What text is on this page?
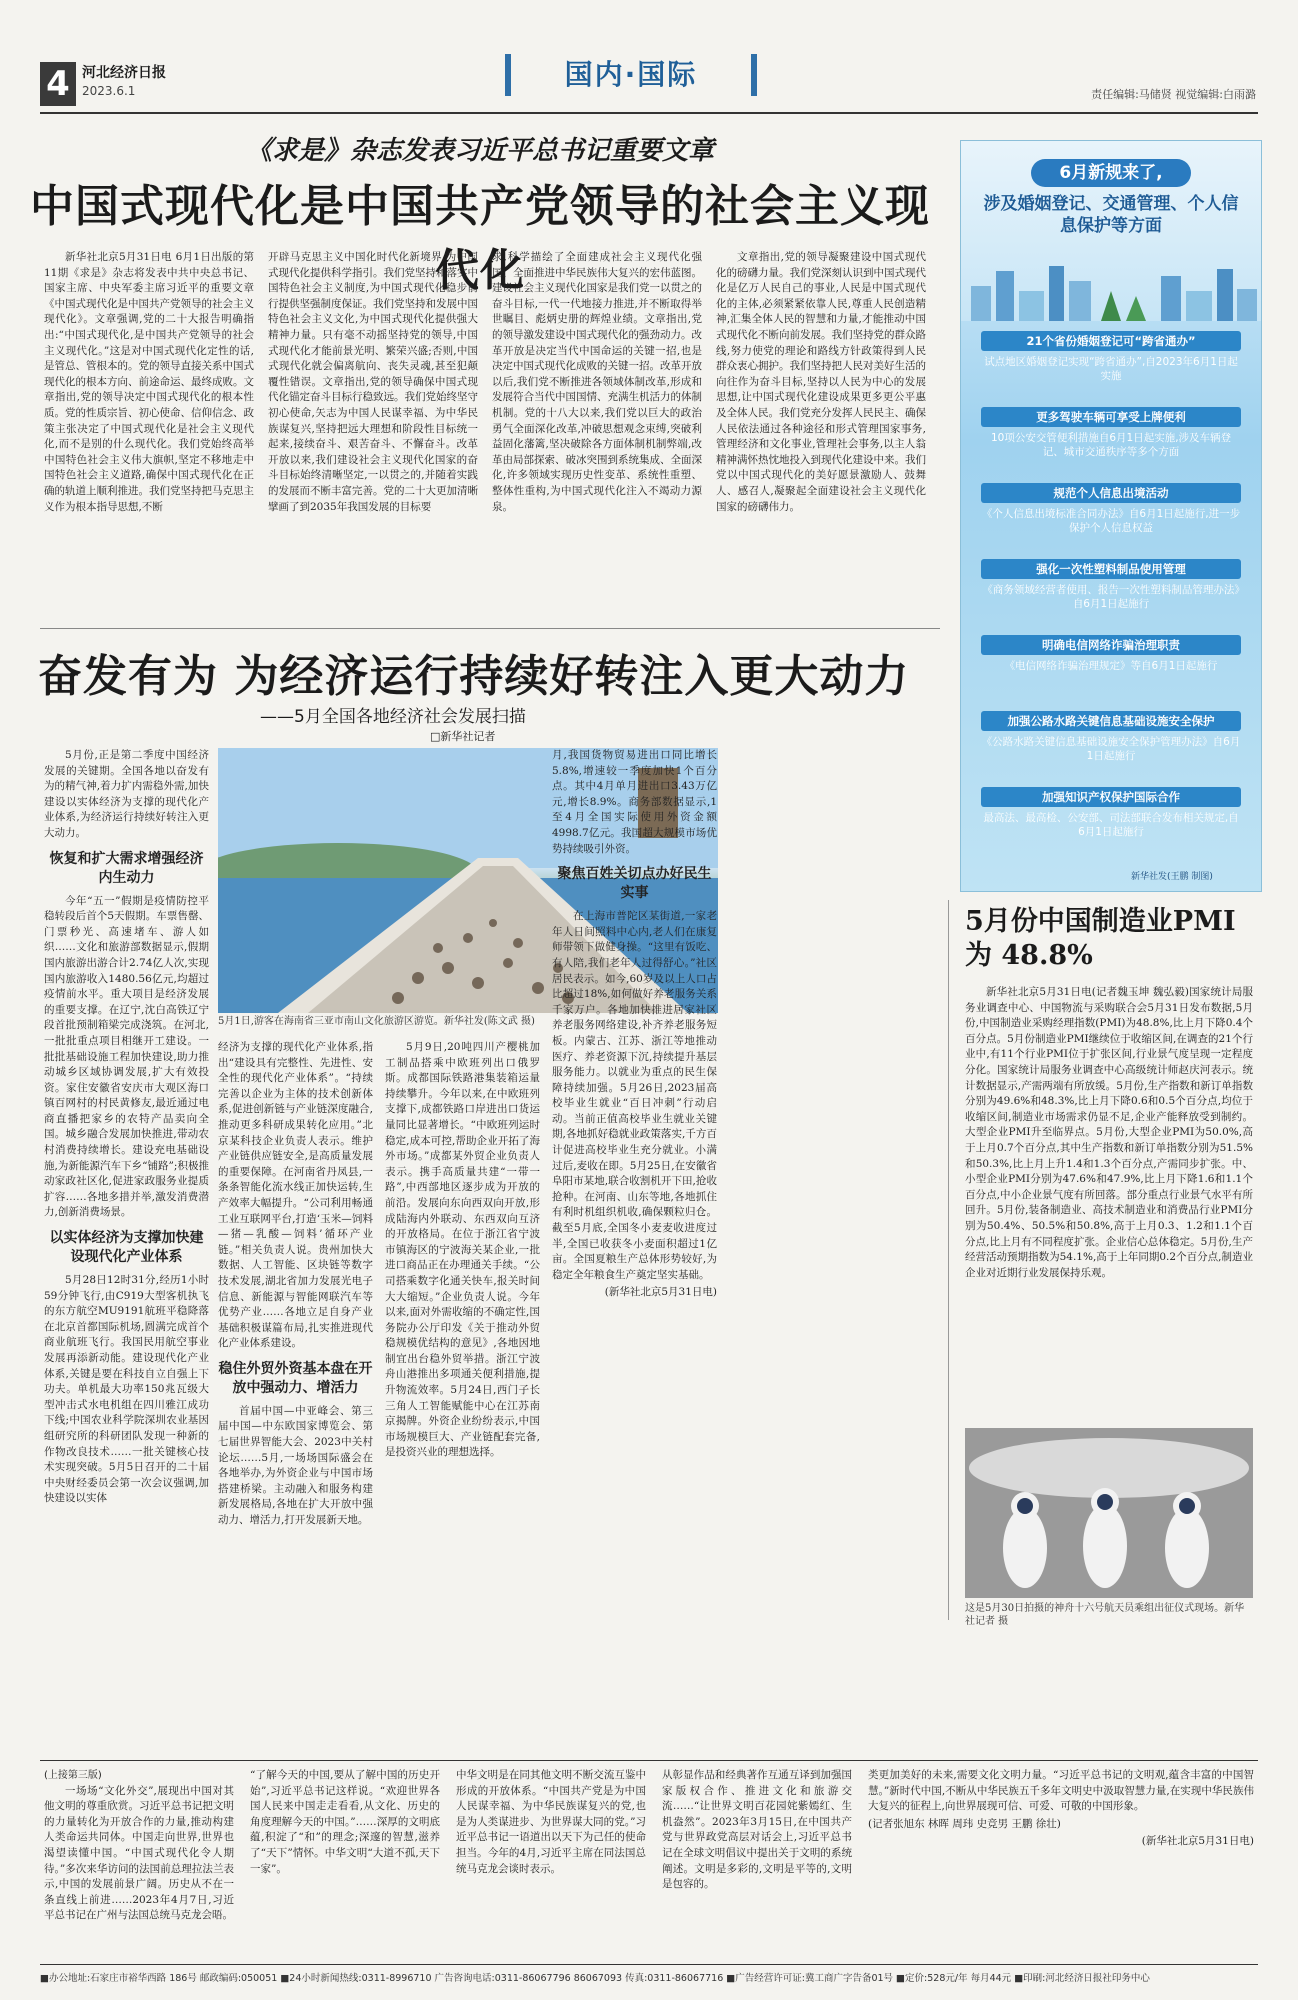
4 河北经济日报
2023.6.1	国内·国际
责任编辑:马储贤 视觉编辑:白雨潞
《求是》杂志发表习近平总书记重要文章
中国式现代化是中国共产党领导的社会主义现代化

新华社北京5月31日电 6月1日出版的第11期《求是》杂志将发表中共中央总书记、国家主席、中央军委主席习近平的重要文章《中国式现代化是中国共产党领导的社会主义现代化》。文章强调,党的二十大报告明确指出:“中国式现代化,是中国共产党领导的社会主义现代化。”这是对中国式现代化定性的话,是管总、管根本的。党的领导直接关系中国式现代化的根本方向、前途命运、最终成败。文章指出,党的领导决定中国式现代化的根本性质。党的性质宗旨、初心使命、信仰信念、政策主张决定了中国式现代化是社会主义现代化,而不是别的什么现代化。我们党始终高举中国特色社会主义伟大旗帜,坚定不移地走中国特色社会主义道路,确保中国式现代化在正确的轨道上顺利推进。我们党坚持把马克思主义作为根本指导思想,不断

开辟马克思主义中国化时代化新境界,为中国式现代化提供科学指引。我们党坚持和落实中国特色社会主义制度,为中国式现代化稳步前行提供坚强制度保证。我们党坚持和发展中国特色社会主义文化,为中国式现代化提供强大精神力量。只有毫不动摇坚持党的领导,中国式现代化才能前景光明、繁荣兴盛;否则,中国式现代化就会偏离航向、丧失灵魂,甚至犯颠覆性错误。文章指出,党的领导确保中国式现代化锚定奋斗目标行稳致远。我们党始终坚守初心使命,矢志为中国人民谋幸福、为中华民族谋复兴,坚持把远大理想和阶段性目标统一起来,接续奋斗、艰苦奋斗、不懈奋斗。改革开放以来,我们建设社会主义现代化国家的奋斗目标始终清晰坚定,一以贯之的,并随着实践的发展而不断丰富完善。党的二十大更加清晰擘画了到2035年我国发展的目标要

求,科学描绘了全面建成社会主义现代化强国、全面推进中华民族伟大复兴的宏伟蓝图。建设社会主义现代化国家是我们党一以贯之的奋斗目标,一代一代地接力推进,并不断取得举世瞩目、彪炳史册的辉煌业绩。文章指出,党的领导激发建设中国式现代化的强劲动力。改革开放是决定当代中国命运的关键一招,也是决定中国式现代化成败的关键一招。改革开放以后,我们党不断推进各领域体制改革,形成和发展符合当代中国国情、充满生机活力的体制机制。党的十八大以来,我们党以巨大的政治勇气全面深化改革,冲破思想观念束缚,突破利益固化藩篱,坚决破除各方面体制机制弊端,改革由局部探索、破冰突围到系统集成、全面深化,许多领域实现历史性变革、系统性重塑、整体性重构,为中国式现代化注入不竭动力源泉。

文章指出,党的领导凝聚建设中国式现代化的磅礴力量。我们党深刻认识到中国式现代化是亿万人民自己的事业,人民是中国式现代化的主体,必须紧紧依靠人民,尊重人民创造精神,汇集全体人民的智慧和力量,才能推动中国式现代化不断向前发展。我们坚持党的群众路线,努力使党的理论和路线方针政策得到人民群众衷心拥护。我们坚持把人民对美好生活的向往作为奋斗目标,坚持以人民为中心的发展思想,让中国式现代化建设成果更多更公平惠及全体人民。我们党充分发挥人民民主、确保人民依法通过各种途径和形式管理国家事务,管理经济和文化事业,管理社会事务,以主人翁精神满怀热忱地投入到现代化建设中来。我们党以中国式现代化的美好愿景激励人、鼓舞人、感召人,凝聚起全面建设社会主义现代化国家的磅礴伟力。

奋发有为 为经济运行持续好转注入更大动力
——5月全国各地经济社会发展扫描
□新华社记者

5月份,正是第二季度中国经济发展的关键期。全国各地以奋发有为的精气神,着力扩内需稳外需,加快建设以实体经济为支撑的现代化产业体系,为经济运行持续好转注入更大动力。

恢复和扩大需求增强经济内生动力

今年“五一”假期是疫情防控平稳转段后首个5天假期。车票售罄、门票秒光、高速堵车、游人如织……文化和旅游部数据显示,假期国内旅游出游合计2.74亿人次,实现国内旅游收入1480.56亿元,均超过疫情前水平。重大项目是经济发展的重要支撑。在辽宁,沈白高铁辽宁段首批预制箱梁完成浇筑。在河北,一批批重点项目相继开工建设。一批批基础设施工程加快建设,助力推动城乡区域协调发展,扩大有效投资。家住安徽省安庆市大观区海口镇百网村的村民黄修友,最近通过电商直播把家乡的农特产品卖向全国。城乡融合发展加快推进,带动农村消费持续增长。建设充电基础设施,为新能源汽车下乡“铺路”;积极推动家政社区化,促进家政服务业提质扩容……各地多措并举,激发消费潜力,创新消费场景。

以实体经济为支撑加快建设现代化产业体系

5月28日12时31分,经历1小时59分钟飞行,由C919大型客机执飞的东方航空MU9191航班平稳降落在北京首都国际机场,圆满完成首个商业航班飞行。我国民用航空事业发展再添新动能。建设现代化产业体系,关键是要在科技自立自强上下功夫。单机最大功率150兆瓦级大型冲击式水电机组在四川雅江成功下线;中国农业科学院深圳农业基因组研究所的科研团队发现一种新的作物改良技术……一批关键核心技术实现突破。5月5日召开的二十届中央财经委员会第一次会议强调,加快建设以实体

5月1日,游客在海南省三亚市南山文化旅游区游览。新华社发(陈文武 摄)

经济为支撑的现代化产业体系,指出“建设具有完整性、先进性、安全性的现代化产业体系”。“持续完善以企业为主体的技术创新体系,促进创新链与产业链深度融合,推动更多科研成果转化应用。”北京某科技企业负责人表示。维护产业链供应链安全,是高质量发展的重要保障。在河南省丹凤县,一条条智能化流水线正加快运转,生产效率大幅提升。“公司利用畅通工业互联网平台,打造‘玉米—饲料—猪—乳酸—饲料’循环产业链。”相关负责人说。贵州加快大数据、人工智能、区块链等数字技术发展,湖北省加力发展光电子信息、新能源与智能网联汽车等优势产业……各地立足自身产业基础积极谋篇布局,扎实推进现代化产业体系建设。

稳住外贸外资基本盘在开放中强动力、增活力

首届中国—中亚峰会、第三届中国—中东欧国家博览会、第七届世界智能大会、2023中关村论坛……5月,一场场国际盛会在各地举办,为外资企业与中国市场搭建桥梁。主动融入和服务构建新发展格局,各地在扩大开放中强动力、增活力,打开发展新天地。

5月9日,20吨四川产樱桃加工制品搭乘中欧班列出口俄罗斯。成都国际铁路港集装箱运量持续攀升。今年以来,在中欧班列支撑下,成都铁路口岸进出口货运量同比显著增长。“中欧班列运时稳定,成本可控,帮助企业开拓了海外市场。”成都某外贸企业负责人表示。携手高质量共建“一带一路”,中西部地区逐步成为开放的前沿。发展向东向西双向开放,形成陆海内外联动、东西双向互济的开放格局。在位于浙江省宁波市镇海区的宁波海关某企业,一批进口商品正在办理通关手续。“公司搭乘数字化通关快车,报关时间大大缩短。”企业负责人说。今年以来,面对外需收缩的不确定性,国务院办公厅印发《关于推动外贸稳规模优结构的意见》,各地因地制宜出台稳外贸举措。浙江宁波舟山港推出多项通关便利措施,提升物流效率。5月24日,西门子长三角人工智能赋能中心在江苏南京揭牌。外资企业纷纷表示,中国市场规模巨大、产业链配套完备,是投资兴业的理想选择。

月,我国货物贸易进出口同比增长5.8%,增速较一季度加快1个百分点。其中4月单月进出口3.43万亿元,增长8.9%。商务部数据显示,1至4月全国实际使用外资金额4998.7亿元。我国超大规模市场优势持续吸引外资。

聚焦百姓关切点办好民生实事

在上海市普陀区某街道,一家老年人日间照料中心内,老人们在康复师带领下做健身操。“这里有饭吃、有人陪,我们老年人过得舒心。”社区居民表示。如今,60岁及以上人口占比超过18%,如何做好养老服务关系千家万户。各地加快推进居家社区养老服务网络建设,补齐养老服务短板。内蒙古、江苏、浙江等地推动医疗、养老资源下沉,持续提升基层服务能力。以就业为重点的民生保障持续加强。5月26日,2023届高校毕业生就业“百日冲刺”行动启动。当前正值高校毕业生就业关键期,各地抓好稳就业政策落实,千方百计促进高校毕业生充分就业。小满过后,麦收在即。5月25日,在安徽省阜阳市某地,联合收割机开下田,抢收抢种。在河南、山东等地,各地抓住有利时机组织机收,确保颗粒归仓。截至5月底,全国冬小麦麦收进度过半,全国已收获冬小麦面积超过1亿亩。全国夏粮生产总体形势较好,为稳定全年粮食生产奠定坚实基础。

(新华社北京5月31日电)

6月新规来了,
涉及婚姻登记、交通管理、个人信息保护等方面
21个省份婚姻登记可“跨省通办”
试点地区婚姻登记实现“跨省通办”,自2023年6月1日起实施
更多驾驶车辆可享受上牌便利
10项公安交管便利措施自6月1日起实施,涉及车辆登记、城市交通秩序等多个方面
规范个人信息出境活动
《个人信息出境标准合同办法》自6月1日起施行,进一步保护个人信息权益
强化一次性塑料制品使用管理
《商务领域经营者使用、报告一次性塑料制品管理办法》自6月1日起施行
明确电信网络诈骗治理职责
《电信网络诈骗治理规定》等自6月1日起施行
加强公路水路关键信息基础设施安全保护
《公路水路关键信息基础设施安全保护管理办法》自6月1日起施行
加强知识产权保护国际合作
最高法、最高检、公安部、司法部联合发布相关规定,自6月1日起施行
新华社发(王鹏 制图)
5月份中国制造业PMI 为 48.8%

新华社北京5月31日电(记者魏玉坤 魏弘毅)国家统计局服务业调查中心、中国物流与采购联合会5月31日发布数据,5月份,中国制造业采购经理指数(PMI)为48.8%,比上月下降0.4个百分点。5月份制造业PMI继续位于收缩区间,在调查的21个行业中,有11个行业PMI位于扩张区间,行业景气度呈现一定程度分化。国家统计局服务业调查中心高级统计师赵庆河表示。统计数据显示,产需两端有所放缓。5月份,生产指数和新订单指数分别为49.6%和48.3%,比上月下降0.6和0.5个百分点,均位于收缩区间,制造业市场需求仍显不足,企业产能释放受到制约。大型企业PMI升至临界点。5月份,大型企业PMI为50.0%,高于上月0.7个百分点,其中生产指数和新订单指数分别为51.5%和50.3%,比上月上升1.4和1.3个百分点,产需同步扩张。中、小型企业PMI分别为47.6%和47.9%,比上月下降1.6和1.1个百分点,中小企业景气度有所回落。部分重点行业景气水平有所回升。5月份,装备制造业、高技术制造业和消费品行业PMI分别为50.4%、50.5%和50.8%,高于上月0.3、1.2和1.1个百分点,比上月有不同程度扩张。企业信心总体稳定。5月份,生产经营活动预期指数为54.1%,高于上年同期0.2个百分点,制造业企业对近期行业发展保持乐观。

这是5月30日拍摄的神舟十六号航天员乘组出征仪式现场。新华社记者 摄
(上接第三版)

一场场“文化外交”,展现出中国对其他文明的尊重欣赏。习近平总书记把文明的力量转化为开放合作的力量,推动构建人类命运共同体。中国走向世界,世界也渴望读懂中国。“中国式现代化令人期待。”多次来华访问的法国前总理拉法兰表示,中国的发展前景广阔。历史从不在一条直线上前进……2023年4月7日,习近平总书记在广州与法国总统马克龙会晤。

“了解今天的中国,要从了解中国的历史开始”,习近平总书记这样说。“欢迎世界各国人民来中国走走看看,从文化、历史的角度理解今天的中国。”……深厚的文明底蕴,积淀了“和”的理念;深邃的智慧,滋养了“天下”情怀。中华文明“大道不孤,天下一家”。

中华文明是在同其他文明不断交流互鉴中形成的开放体系。“中国共产党是为中国人民谋幸福、为中华民族谋复兴的党,也是为人类谋进步、为世界谋大同的党。”习近平总书记一语道出以天下为己任的使命担当。今年的4月,习近平主席在同法国总统马克龙会谈时表示。

从彰显作品和经典著作互通互译到加强国家版权合作、推进文化和旅游交流……“让世界文明百花园姹紫嫣红、生机盎然”。2023年3月15日,在中国共产党与世界政党高层对话会上,习近平总书记在全球文明倡议中提出关于文明的系统阐述。文明是多彩的,文明是平等的,文明是包容的。

类更加美好的未来,需要文化文明力量。“习近平总书记的文明观,蕴含丰富的中国智慧。”新时代中国,不断从中华民族五千多年文明史中汲取智慧力量,在实现中华民族伟大复兴的征程上,向世界展现可信、可爱、可敬的中国形象。

(记者张旭东 林晖 周玮 史竞男 王鹏 徐壮)

(新华社北京5月31日电)

■办公地址:石家庄市裕华西路 186号 邮政编码:050051 ■24小时新闻热线:0311-8996710 广告咨询电话:0311-86067796 86067093 传真:0311-86067716 ■广告经营许可证:冀工商广字告备01号 ■定价:528元/年 每月44元 ■印刷:河北经济日报社印务中心
